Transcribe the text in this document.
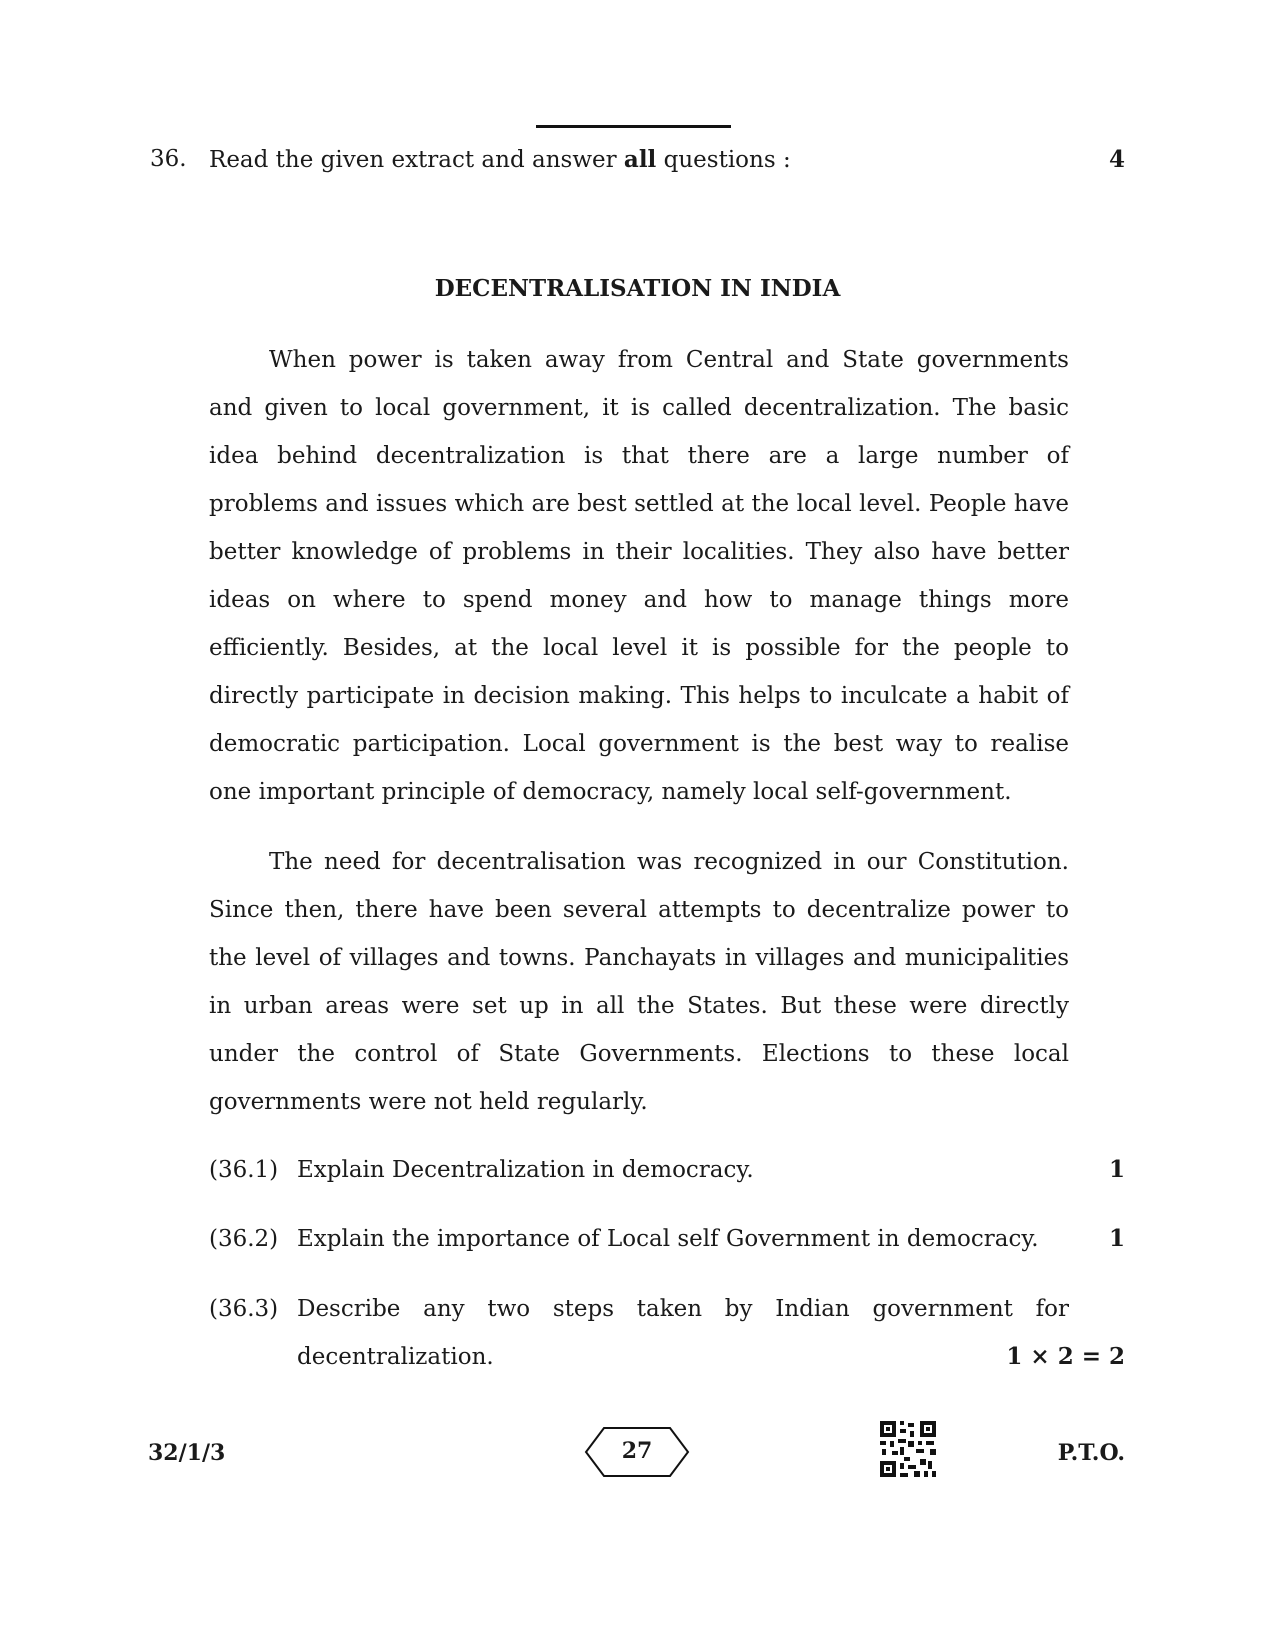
36. Read the given extract and answer all questions :	4
DECENTRALISATION IN INDIA

When power is taken away from Central and State governments and given to local government, it is called decentralization. The basic idea behind decentralization is that there are a large number of problems and issues which are best settled at the local level. People have better knowledge of problems in their localities. They also have better ideas on where to spend money and how to manage things more efficiently. Besides, at the local level it is possible for the people to directly participate in decision making. This helps to inculcate a habit of democratic participation. Local government is the best way to realise one important principle of democracy, namely local self-government.

The need for decentralisation was recognized in our Constitution. Since then, there have been several attempts to decentralize power to the level of villages and towns. Panchayats in villages and municipalities in urban areas were set up in all the States. But these were directly under the control of State Governments. Elections to these local governments were not held regularly.

(36.1) Explain Decentralization in democracy.	1
(36.2) Explain the importance of Local self Government in democracy.	1
(36.3) Describe any two steps taken by Indian government for
decentralization.	1 × 2 = 2
32/1/3	27	P.T.O.
